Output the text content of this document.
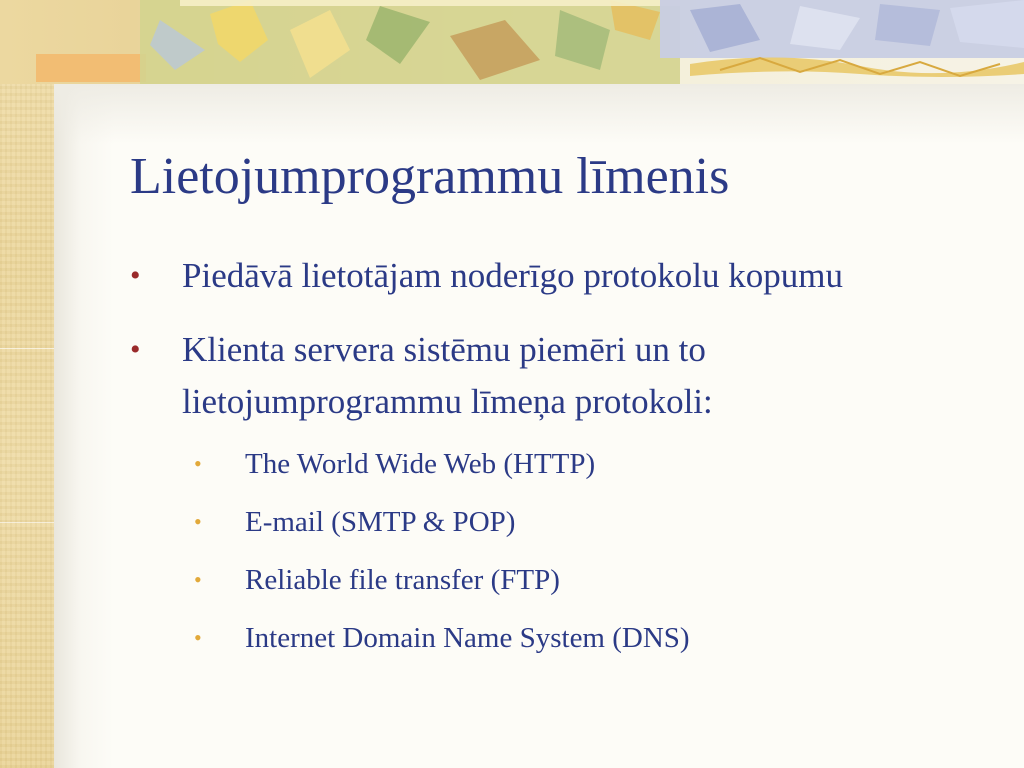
Lietojumprogrammu līmenis
• Piedāvā lietotājam noderīgo protokolu kopumu
• Klienta servera sistēmu piemēri un to lietojumprogrammu līmeņa protokoli:
• The World Wide Web (HTTP)
• E-mail (SMTP & POP)
• Reliable file transfer (FTP)
• Internet Domain Name System (DNS)
